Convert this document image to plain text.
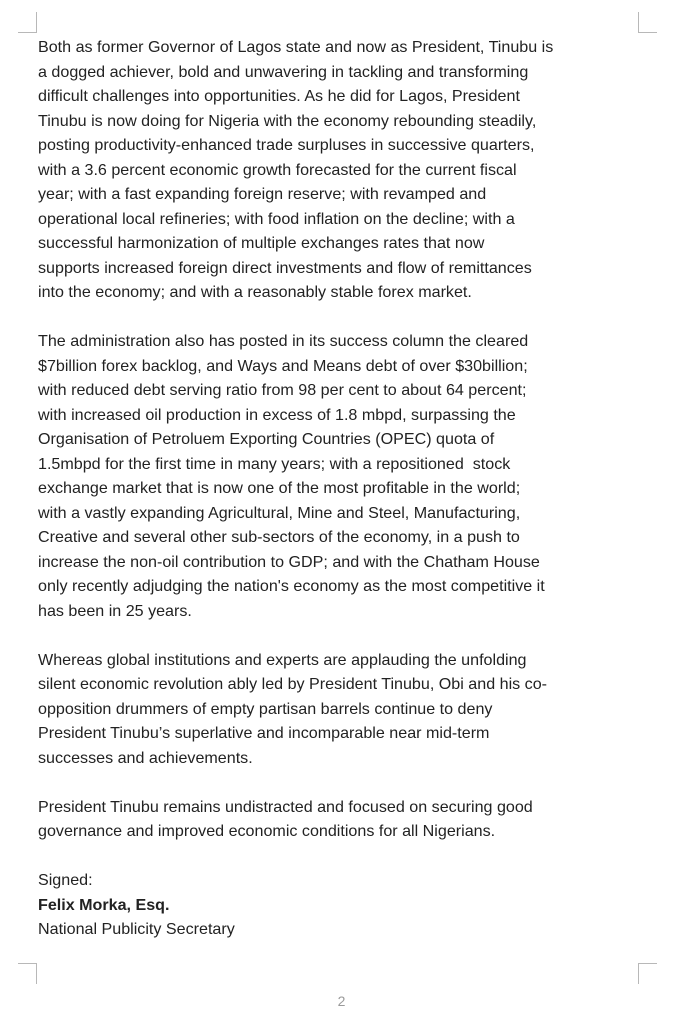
Both as former Governor of Lagos state and now as President, Tinubu is
a dogged achiever, bold and unwavering in tackling and transforming
difficult challenges into opportunities. As he did for Lagos, President
Tinubu is now doing for Nigeria with the economy rebounding steadily,
posting productivity-enhanced trade surpluses in successive quarters,
with a 3.6 percent economic growth forecasted for the current fiscal
year; with a fast expanding foreign reserve; with revamped and
operational local refineries; with food inflation on the decline; with a
successful harmonization of multiple exchanges rates that now
supports increased foreign direct investments and flow of remittances
into the economy; and with a reasonably stable forex market.

The administration also has posted in its success column the cleared
$7billion forex backlog, and Ways and Means debt of over $30billion;
with reduced debt serving ratio from 98 per cent to about 64 percent;
with increased oil production in excess of 1.8 mbpd, surpassing the
Organisation of Petroluem Exporting Countries (OPEC) quota of
1.5mbpd for the first time in many years; with a repositioned  stock
exchange market that is now one of the most profitable in the world;
with a vastly expanding Agricultural, Mine and Steel, Manufacturing,
Creative and several other sub-sectors of the economy, in a push to
increase the non-oil contribution to GDP; and with the Chatham House
only recently adjudging the nation's economy as the most competitive it
has been in 25 years.

Whereas global institutions and experts are applauding the unfolding
silent economic revolution ably led by President Tinubu, Obi and his co-
opposition drummers of empty partisan barrels continue to deny
President Tinubu’s superlative and incomparable near mid-term
successes and achievements.

President Tinubu remains undistracted and focused on securing good
governance and improved economic conditions for all Nigerians.

Signed:
Felix Morka, Esq.
National Publicity Secretary
2
